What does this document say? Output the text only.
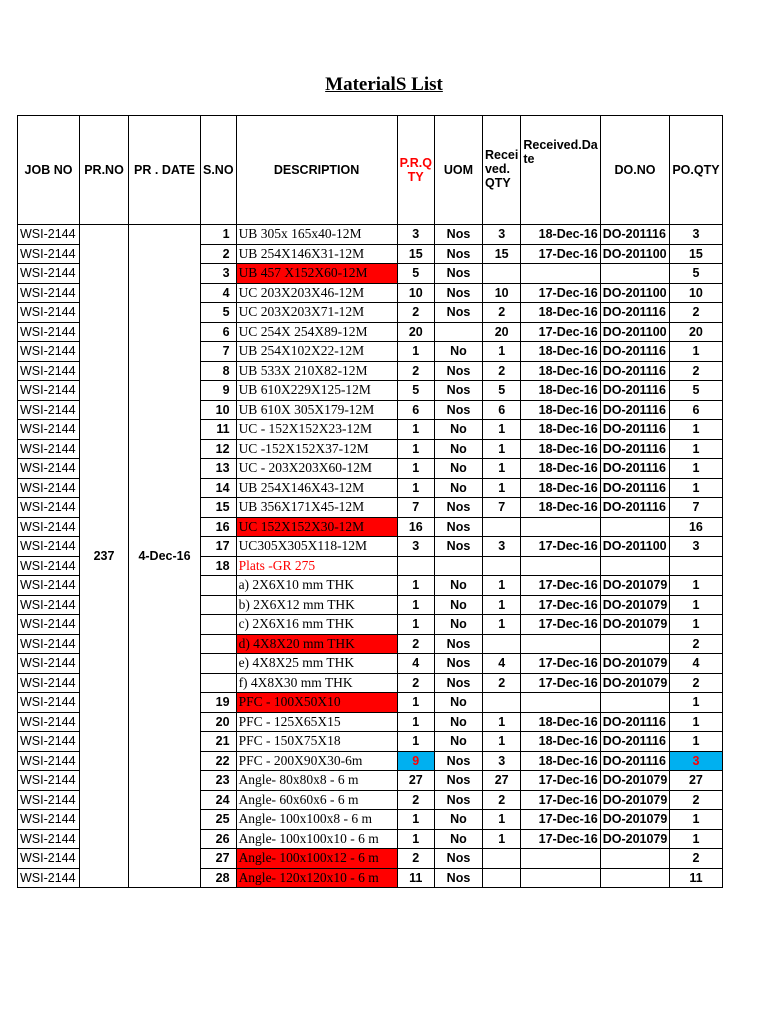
MaterialS List
JOB NO	PR.NO	PR . DATE	S.NO	DESCRIPTION	P.R.Q TY	UOM	Recei ved. QTY	Received.Da te	DO.NO	PO.QTY
WSI-2144	237	4-Dec-16	1	UB 305x 165x40-12M	3	Nos	3	18-Dec-16	DO-201116	3
WSI-2144			2	UB 254X146X31-12M	15	Nos	15	17-Dec-16	DO-201100	15
WSI-2144			3	UB 457 X152X60-12M	5	Nos				5
WSI-2144			4	UC 203X203X46-12M	10	Nos	10	17-Dec-16	DO-201100	10
WSI-2144			5	UC 203X203X71-12M	2	Nos	2	18-Dec-16	DO-201116	2
WSI-2144			6	UC 254X 254X89-12M	20		20	17-Dec-16	DO-201100	20
WSI-2144			7	UB 254X102X22-12M	1	No	1	18-Dec-16	DO-201116	1
WSI-2144			8	UB 533X 210X82-12M	2	Nos	2	18-Dec-16	DO-201116	2
WSI-2144			9	UB 610X229X125-12M	5	Nos	5	18-Dec-16	DO-201116	5
WSI-2144			10	UB 610X 305X179-12M	6	Nos	6	18-Dec-16	DO-201116	6
WSI-2144			11	UC - 152X152X23-12M	1	No	1	18-Dec-16	DO-201116	1
WSI-2144			12	UC -152X152X37-12M	1	No	1	18-Dec-16	DO-201116	1
WSI-2144			13	UC - 203X203X60-12M	1	No	1	18-Dec-16	DO-201116	1
WSI-2144			14	UB 254X146X43-12M	1	No	1	18-Dec-16	DO-201116	1
WSI-2144			15	UB 356X171X45-12M	7	Nos	7	18-Dec-16	DO-201116	7
WSI-2144			16	UC 152X152X30-12M	16	Nos				16
WSI-2144			17	UC305X305X118-12M	3	Nos	3	17-Dec-16	DO-201100	3
WSI-2144			18	Plats -GR 275						
WSI-2144				a) 2X6X10 mm THK	1	No	1	17-Dec-16	DO-201079	1
WSI-2144				b) 2X6X12 mm THK	1	No	1	17-Dec-16	DO-201079	1
WSI-2144				c) 2X6X16 mm THK	1	No	1	17-Dec-16	DO-201079	1
WSI-2144				d) 4X8X20 mm THK	2	Nos				2
WSI-2144				e) 4X8X25 mm THK	4	Nos	4	17-Dec-16	DO-201079	4
WSI-2144				f) 4X8X30 mm THK	2	Nos	2	17-Dec-16	DO-201079	2
WSI-2144			19	PFC - 100X50X10	1	No				1
WSI-2144			20	PFC - 125X65X15	1	No	1	18-Dec-16	DO-201116	1
WSI-2144			21	PFC - 150X75X18	1	No	1	18-Dec-16	DO-201116	1
WSI-2144			22	PFC - 200X90X30-6m	9	Nos	3	18-Dec-16	DO-201116	3
WSI-2144			23	Angle- 80x80x8 - 6 m	27	Nos	27	17-Dec-16	DO-201079	27
WSI-2144			24	Angle- 60x60x6 - 6 m	2	Nos	2	17-Dec-16	DO-201079	2
WSI-2144			25	Angle- 100x100x8 - 6 m	1	No	1	17-Dec-16	DO-201079	1
WSI-2144			26	Angle- 100x100x10 - 6 m	1	No	1	17-Dec-16	DO-201079	1
WSI-2144			27	Angle- 100x100x12 - 6 m	2	Nos				2
WSI-2144			28	Angle- 120x120x10 - 6 m	11	Nos				11
